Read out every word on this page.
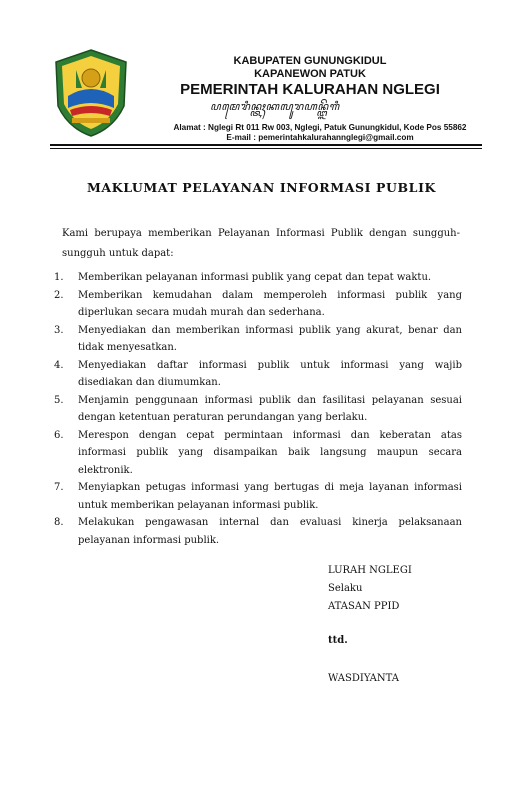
KABUPATEN GUNUNGKIDUL
KAPANEWON PATUK
PEMERINTAH KALURAHAN NGLEGI
ꦥꦩꦺꦫꦶꦤ꧀ꦠꦃꦏꦭꦸꦫꦲꦤ꧀ꦔ꧀ꦭꦼꦒꦶ
Alamat : Nglegi Rt 011 Rw 003, Nglegi, Patuk Gunungkidul, Kode Pos 55862
E-mail : pemerintahkalurahannglegi@gmail.com
MAKLUMAT PELAYANAN INFORMASI PUBLIK
Kami berupaya memberikan Pelayanan Informasi Publik dengan sungguh-sungguh untuk dapat:
1. Memberikan pelayanan informasi publik yang cepat dan tepat waktu.
2. Memberikan kemudahan dalam memperoleh informasi publik yang diperlukan secara mudah murah dan sederhana.
3. Menyediakan dan memberikan informasi publik yang akurat, benar dan tidak menyesatkan.
4. Menyediakan daftar informasi publik untuk informasi yang wajib disediakan dan diumumkan.
5. Menjamin penggunaan informasi publik dan fasilitasi pelayanan sesuai dengan ketentuan peraturan perundangan yang berlaku.
6. Merespon dengan cepat permintaan informasi dan keberatan atas informasi publik yang disampaikan baik langsung maupun secara elektronik.
7. Menyiapkan petugas informasi yang bertugas di meja layanan informasi untuk memberikan pelayanan informasi publik.
8. Melakukan pengawasan internal dan evaluasi kinerja pelaksanaan pelayanan informasi publik.
LURAH NGLEGI
Selaku
ATASAN PPID
ttd.
WASDIYANTA
